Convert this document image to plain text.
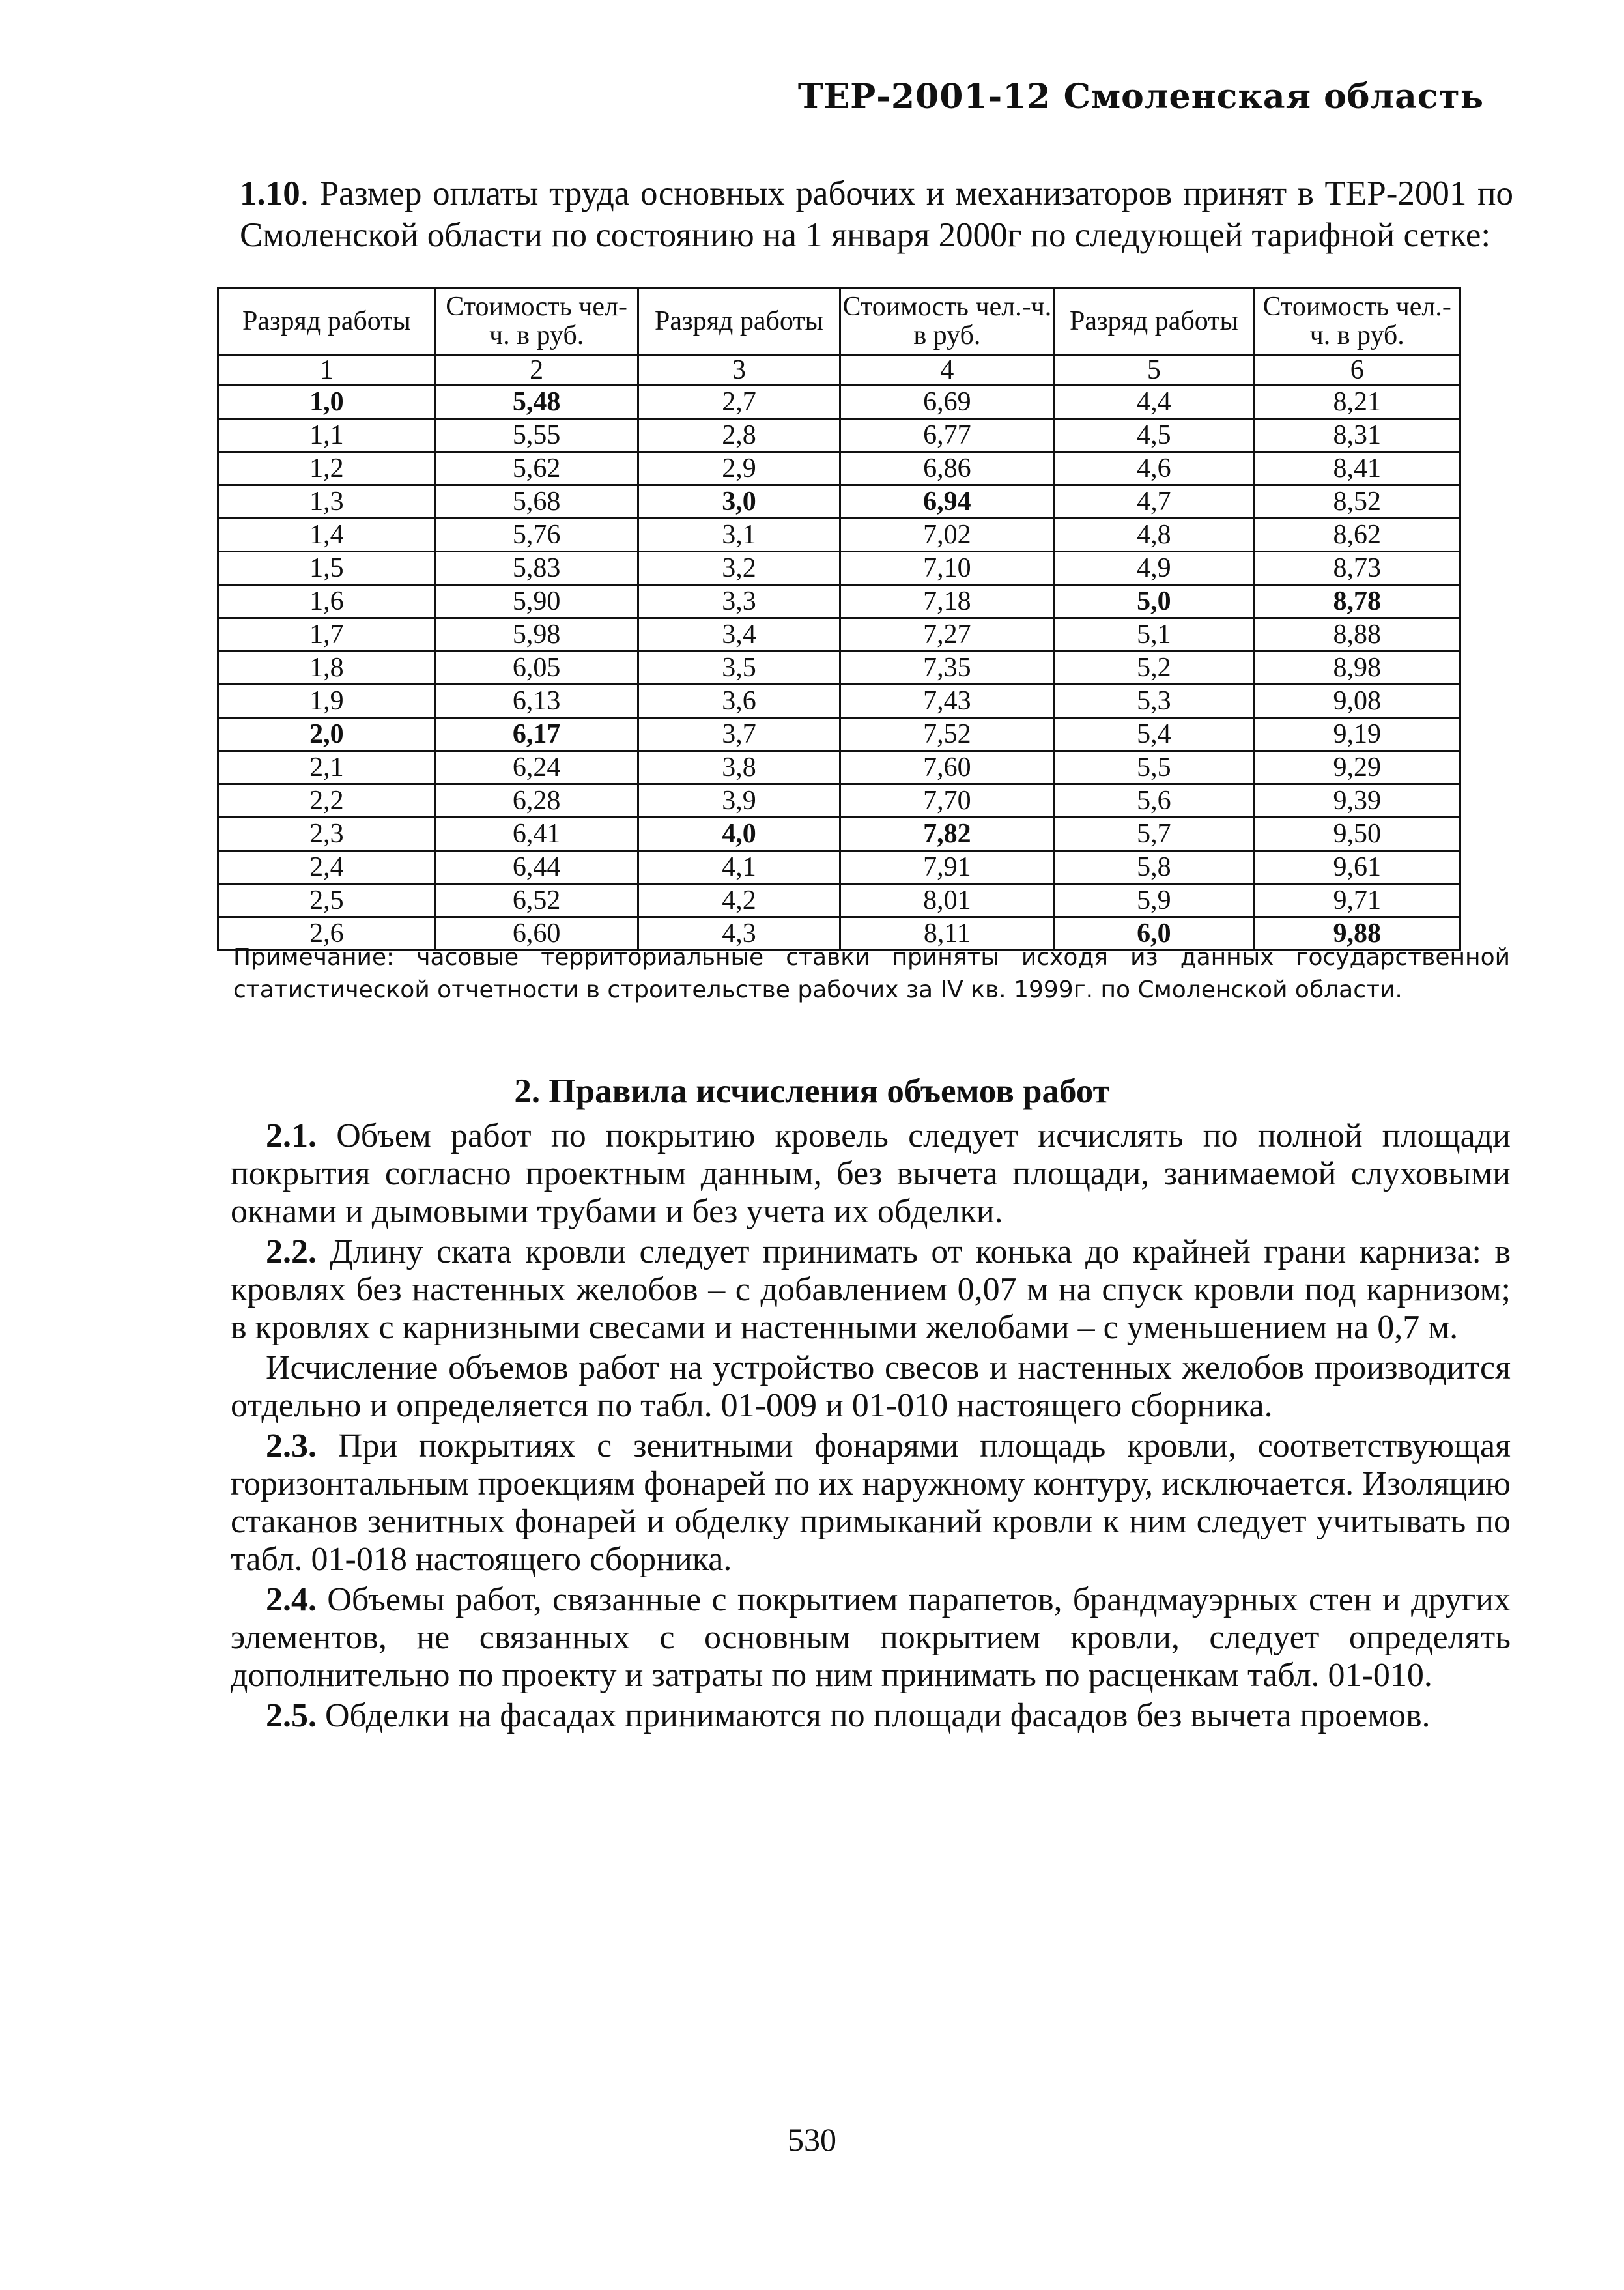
ТЕР-2001-12 Смоленская область
1.10. Размер оплаты труда основных рабочих и механизаторов принят в ТЕР-2001 по Смоленской области по состоянию на 1 января 2000г по следующей тарифной сетке:
Разряд работы	Стоимость чел-ч. в руб.	Разряд работы	Стоимость чел.-ч. в руб.	Разряд работы	Стоимость чел.-ч. в руб.
1	2	3	4	5	6
1,0	5,48	2,7	6,69	4,4	8,21
1,1	5,55	2,8	6,77	4,5	8,31
1,2	5,62	2,9	6,86	4,6	8,41
1,3	5,68	3,0	6,94	4,7	8,52
1,4	5,76	3,1	7,02	4,8	8,62
1,5	5,83	3,2	7,10	4,9	8,73
1,6	5,90	3,3	7,18	5,0	8,78
1,7	5,98	3,4	7,27	5,1	8,88
1,8	6,05	3,5	7,35	5,2	8,98
1,9	6,13	3,6	7,43	5,3	9,08
2,0	6,17	3,7	7,52	5,4	9,19
2,1	6,24	3,8	7,60	5,5	9,29
2,2	6,28	3,9	7,70	5,6	9,39
2,3	6,41	4,0	7,82	5,7	9,50
2,4	6,44	4,1	7,91	5,8	9,61
2,5	6,52	4,2	8,01	5,9	9,71
2,6	6,60	4,3	8,11	6,0	9,88
Примечание: часовые территориальные ставки приняты исходя из данных государственной статистической отчетности в строительстве рабочих за IV кв. 1999г. по Смоленской области.
2. Правила исчисления объемов работ

2.1. Объем работ по покрытию кровель следует исчислять по полной площади покрытия согласно проектным данным, без вычета площади, занимаемой слуховыми окнами и дымовыми трубами и без учета их обделки.

2.2. Длину ската кровли следует принимать от конька до крайней грани карниза: в кровлях без настенных желобов – с добавлением 0,07 м на спуск кровли под карнизом; в кровлях с карнизными свесами и настенными желобами – с уменьшением на 0,7 м.

Исчисление объемов работ на устройство свесов и настенных желобов производится отдельно и определяется по табл. 01-009 и 01-010 настоящего сборника.

2.3. При покрытиях с зенитными фонарями площадь кровли, соответствующая горизонтальным проекциям фонарей по их наружному контуру, исключается. Изоляцию стаканов зенитных фонарей и обделку примыканий кровли к ним следует учитывать по табл. 01-018 настоящего сборника.

2.4. Объемы работ, связанные с покрытием парапетов, брандмауэрных стен и других элементов, не связанных с основным покрытием кровли, следует определять дополнительно по проекту и затраты по ним принимать по расценкам табл. 01-010.

2.5. Обделки на фасадах принимаются по площади фасадов без вычета проемов.

530
